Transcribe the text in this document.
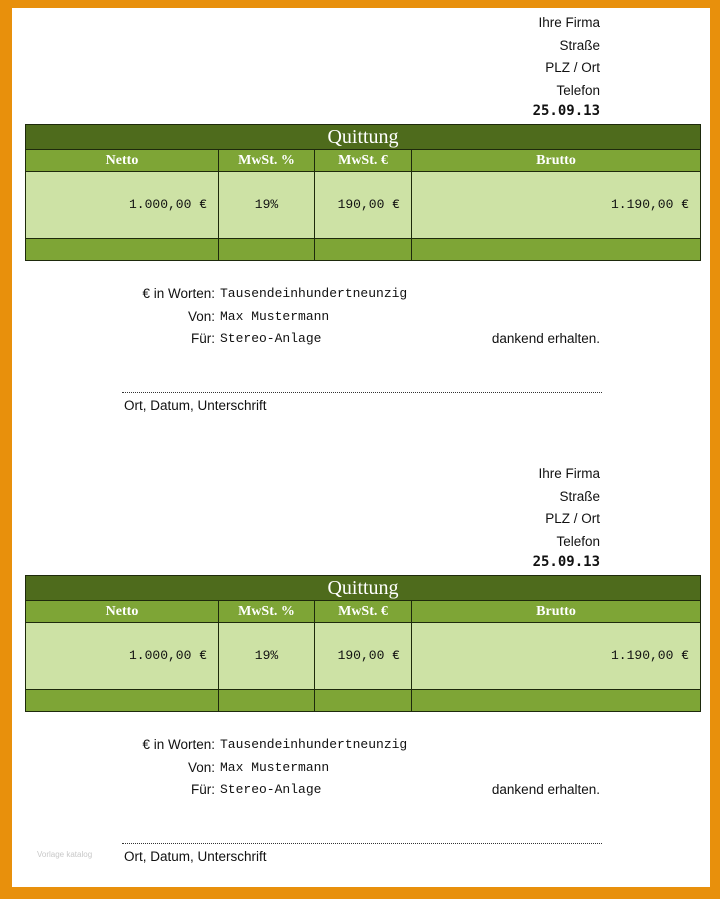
Ihre Firma
Straße
PLZ / Ort
Telefon
25.09.13
Quittung
Netto	MwSt. %	MwSt. €	Brutto
1.000,00 €	19%	190,00 €	1.190,00 €
€ in Worten: Tausendeinhundertneunzig
Von: Max Mustermann
Für: Stereo-Anlage	dankend erhalten.
Ort, Datum, Unterschrift
Ihre Firma
Straße
PLZ / Ort
Telefon
25.09.13
Quittung
Netto	MwSt. %	MwSt. €	Brutto
1.000,00 €	19%	190,00 €	1.190,00 €
€ in Worten: Tausendeinhundertneunzig
Von: Max Mustermann
Für: Stereo-Anlage	dankend erhalten.
Ort, Datum, Unterschrift
Vorlage katalog
